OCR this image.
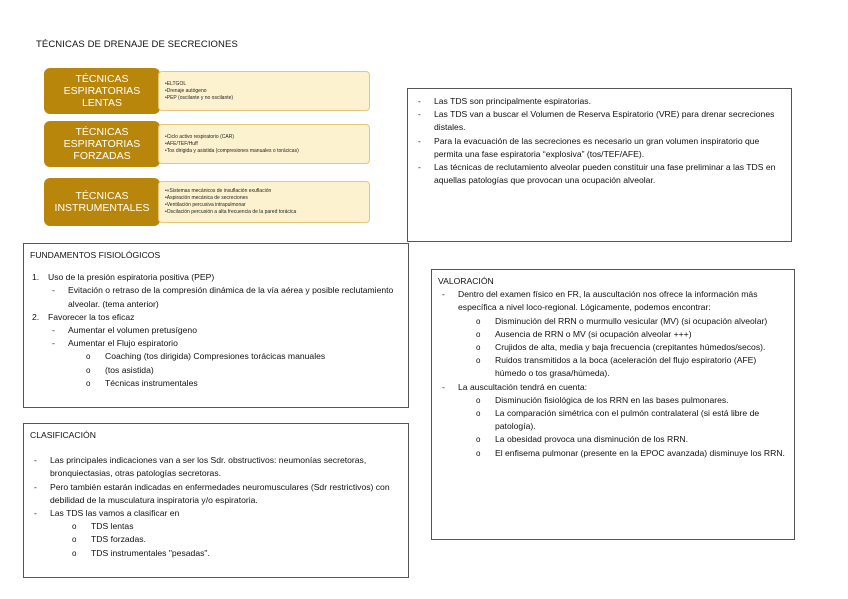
TÉCNICAS DE DRENAJE DE SECRECIONES
TÉCNICAS
ESPIRATORIAS
LENTAS
•ELTGOL
•Drenaje autógeno
•PEP (oscilante y no oscilante)
TÉCNICAS
ESPIRATORIAS
FORZADAS
•Ciclo activo respiratorio (CAR)
•AFE/TEF/Huff
•Tos dirigida y asistida (compresiones manuales o torácicas)
TÉCNICAS
INSTRUMENTALES
•«Sistemas mecánicos de insuflación exuflación
•Aspiración mecánica de secreciones
•Ventilación percusiva intrapulmonar
•Oscilación percusión a alta frecuencia de la pared torácica
- Las TDS son principalmente espiratorias.
- Las TDS van a buscar el Volumen de Reserva Espiratorio (VRE) para drenar secreciones distales.
- Para la evacuación de las secreciones es necesario un gran volumen inspiratorio que permita una fase espiratoria “explosiva” (tos/TEF/AFE).
- Las técnicas de reclutamiento alveolar pueden constituir una fase preliminar a las TDS en aquellas patologías que provocan una ocupación alveolar.
FUNDAMENTOS FISIOLÓGICOS
1. Uso de la presión espiratoria positiva (PEP)
- Evitación o retraso de la compresión dinámica de la vía aérea y posible reclutamiento alveolar. (tema anterior)
2. Favorecer la tos eficaz
- Aumentar el volumen pretusígeno
- Aumentar el Flujo espiratorio
o Coaching (tos dirigida) Compresiones torácicas manuales
o (tos asistida)
o Técnicas instrumentales
CLASIFICACIÓN
- Las principales indicaciones van a ser los Sdr. obstructivos: neumonías secretoras, bronquiectasias, otras patologías secretoras.
- Pero también estarán indicadas en enfermedades neuromusculares (Sdr restrictivos) con debilidad de la musculatura inspiratoria y/o espiratoria.
- Las TDS las vamos a clasificar en
o TDS lentas
o TDS forzadas.
o TDS instrumentales "pesadas".
VALORACIÓN
- Dentro del examen físico en FR, la auscultación nos ofrece la información más específica a nivel loco-regional. Lógicamente, podemos encontrar:
o Disminución del RRN o murmullo vesicular (MV) (si ocupación alveolar)
o Ausencia de RRN o MV (si ocupación alveolar +++)
o Crujidos de alta, media y baja frecuencia (crepitantes húmedos/secos).
o Ruidos transmitidos a la boca (aceleración del flujo espiratorio (AFE) húmedo o tos grasa/húmeda).
- La auscultación tendrá en cuenta:
o Disminución fisiológica de los RRN en las bases pulmonares.
o La comparación simétrica con el pulmón contralateral (si está libre de patología).
o La obesidad provoca una disminución de los RRN.
o El enfisema pulmonar (presente en la EPOC avanzada) disminuye los RRN.
